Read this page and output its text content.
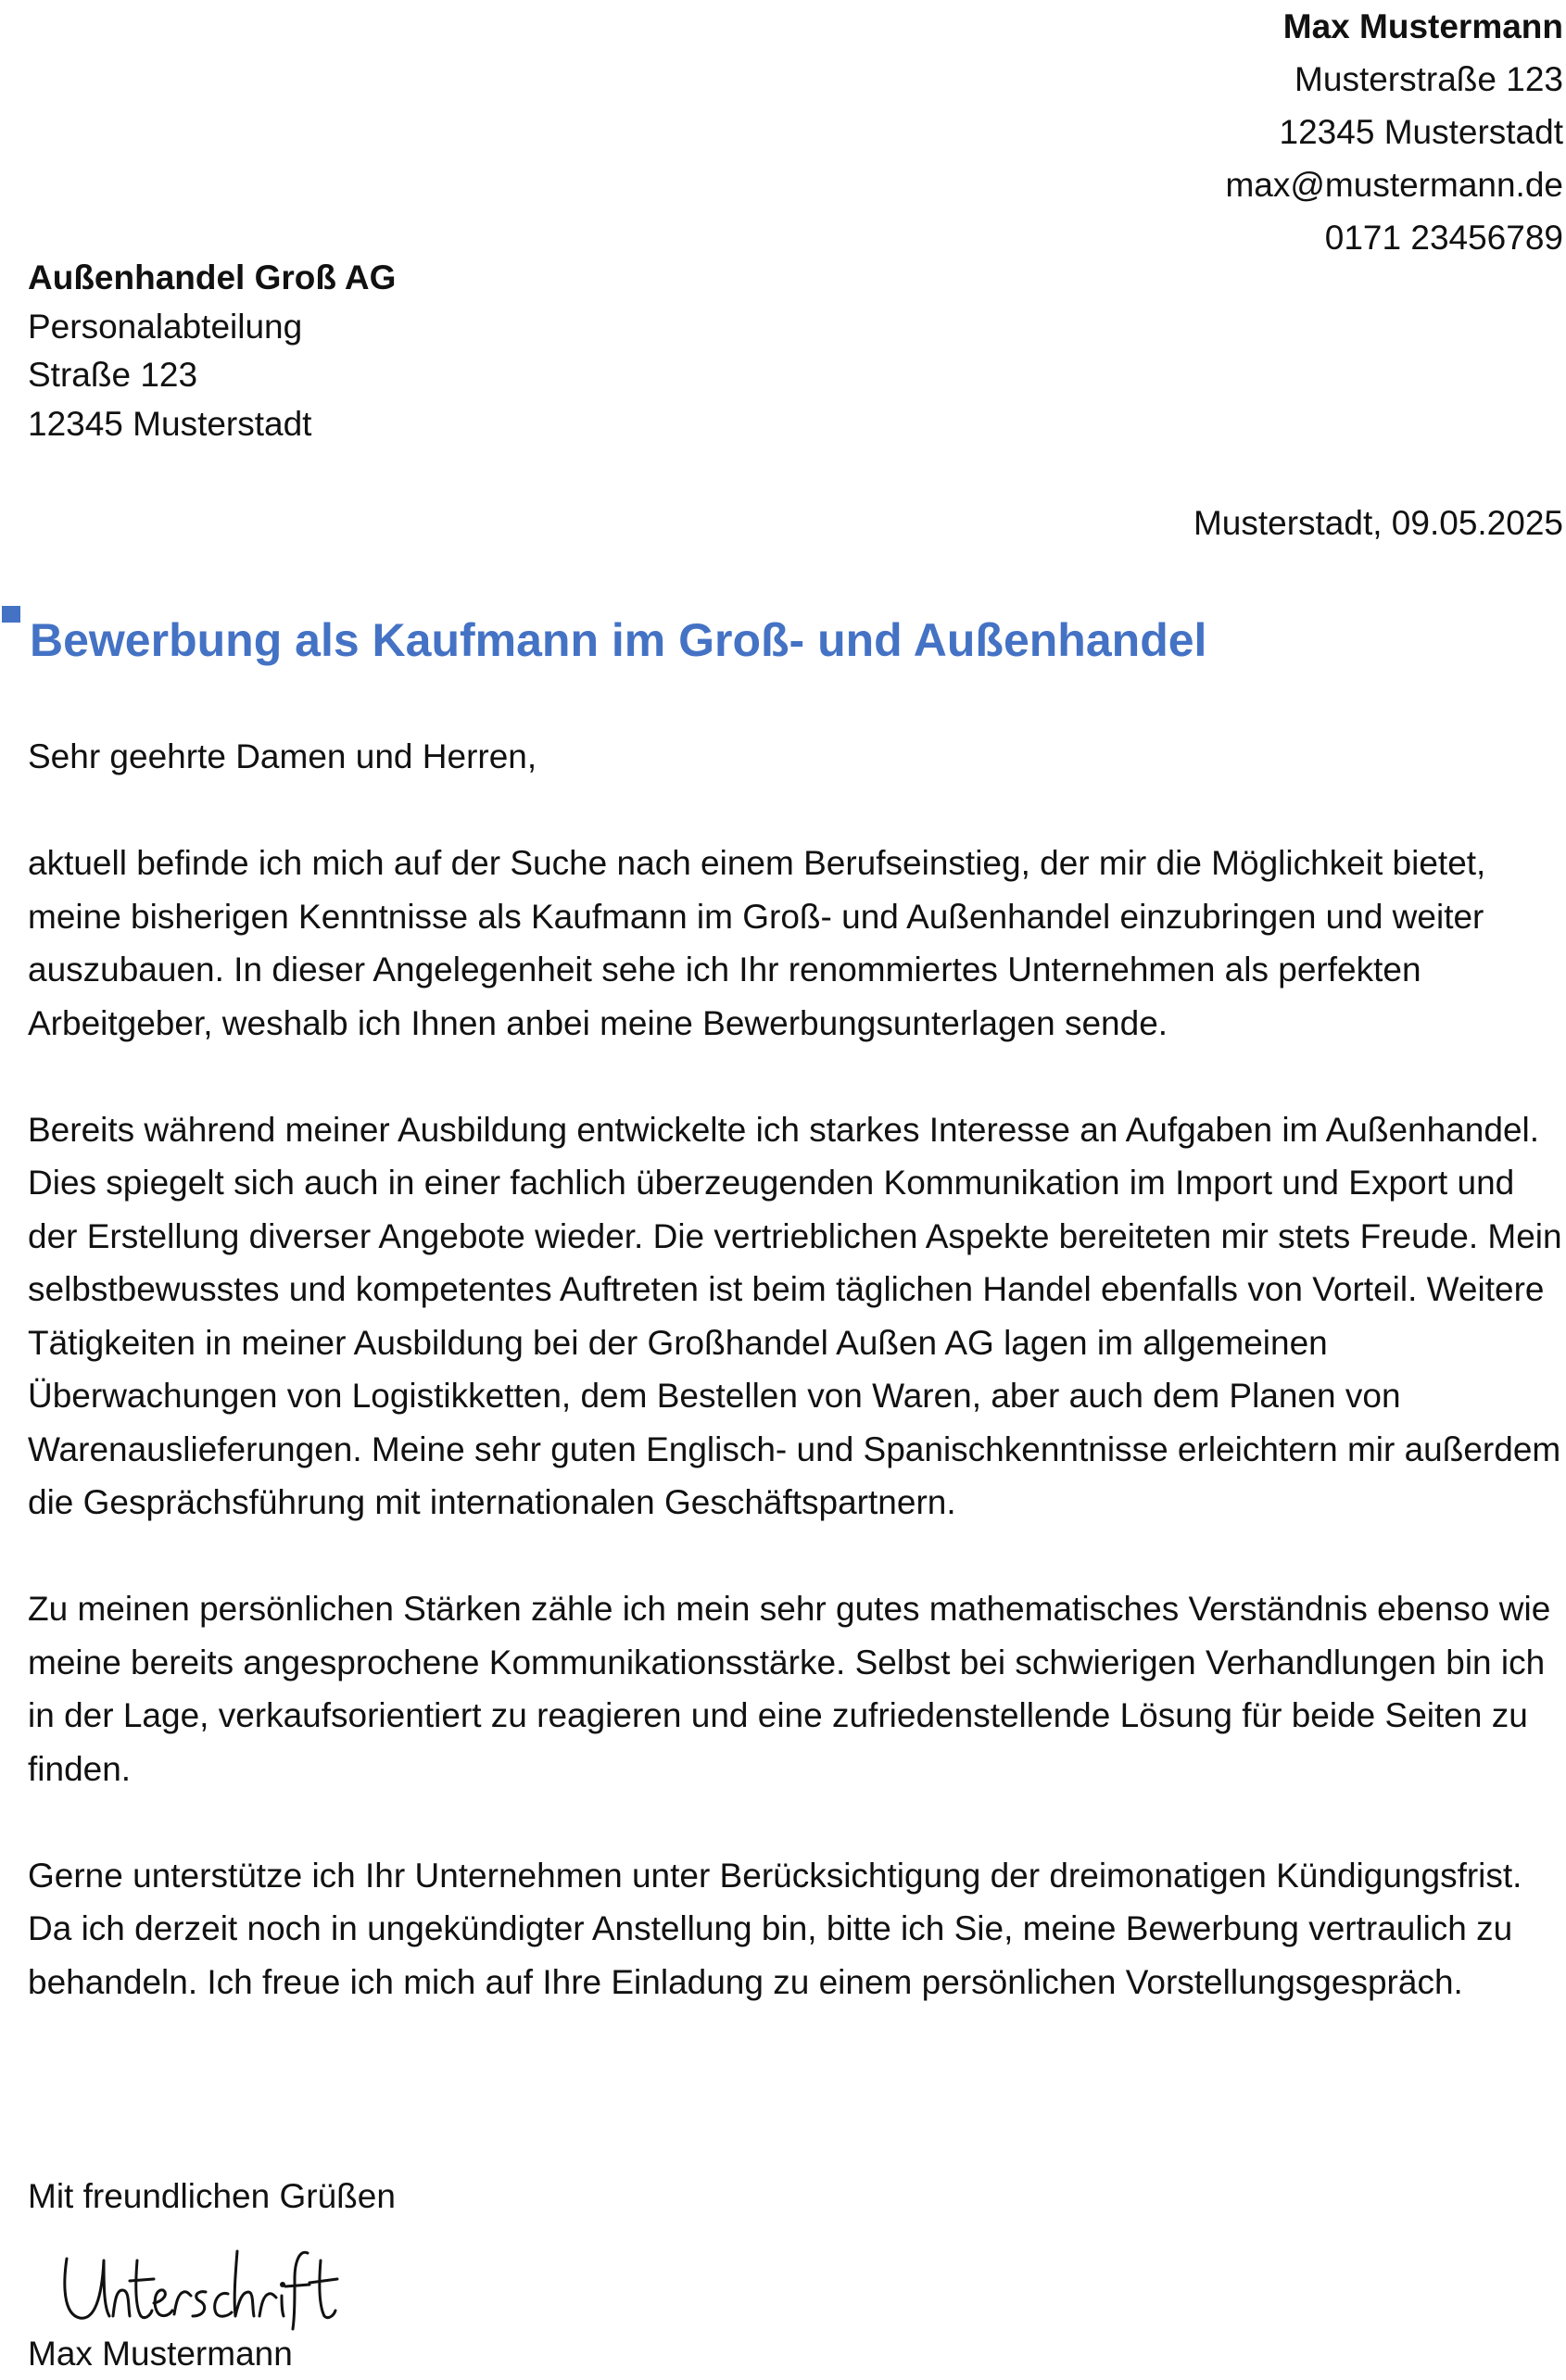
Max Mustermann
Musterstraße 123
12345 Musterstadt
max@mustermann.de
0171 23456789
Außenhandel Groß AG
Personalabteilung
Straße 123
12345 Musterstadt
Musterstadt, 09.05.2025
Bewerbung als Kaufmann im Groß- und Außenhandel

Sehr geehrte Damen und Herren,

aktuell befinde ich mich auf der Suche nach einem Berufseinstieg, der mir die Möglichkeit bietet, meine bisherigen Kenntnisse als Kaufmann im Groß- und Außenhandel einzubringen und weiter auszubauen. In dieser Angelegenheit sehe ich Ihr renommiertes Unternehmen als perfekten Arbeitgeber, weshalb ich Ihnen anbei meine Bewerbungsunterlagen sende.

Bereits während meiner Ausbildung entwickelte ich starkes Interesse an Aufgaben im Außenhandel. Dies spiegelt sich auch in einer fachlich überzeugenden Kommunikation im Import und Export und der Erstellung diverser Angebote wieder. Die vertrieblichen Aspekte bereiteten mir stets Freude. Mein selbstbewusstes und kompetentes Auftreten ist beim täglichen Handel ebenfalls von Vorteil. Weitere Tätigkeiten in meiner Ausbildung bei der Großhandel Außen AG lagen im allgemeinen Überwachungen von Logistikketten, dem Bestellen von Waren, aber auch dem Planen von Warenauslieferungen. Meine sehr guten Englisch- und Spanischkenntnisse erleichtern mir außerdem die Gesprächsführung mit internationalen Geschäftspartnern.

Zu meinen persönlichen Stärken zähle ich mein sehr gutes mathematisches Verständnis ebenso wie meine bereits angesprochene Kommunikationsstärke. Selbst bei schwierigen Verhandlungen bin ich in der Lage, verkaufsorientiert zu reagieren und eine zufriedenstellende Lösung für beide Seiten zu finden.

Gerne unterstütze ich Ihr Unternehmen unter Berücksichtigung der dreimonatigen Kündigungsfrist. Da ich derzeit noch in ungekündigter Anstellung bin, bitte ich Sie, meine Bewerbung vertraulich zu behandeln. Ich freue ich mich auf Ihre Einladung zu einem persönlichen Vorstellungsgespräch.

Mit freundlichen Grüßen
Max Mustermann
